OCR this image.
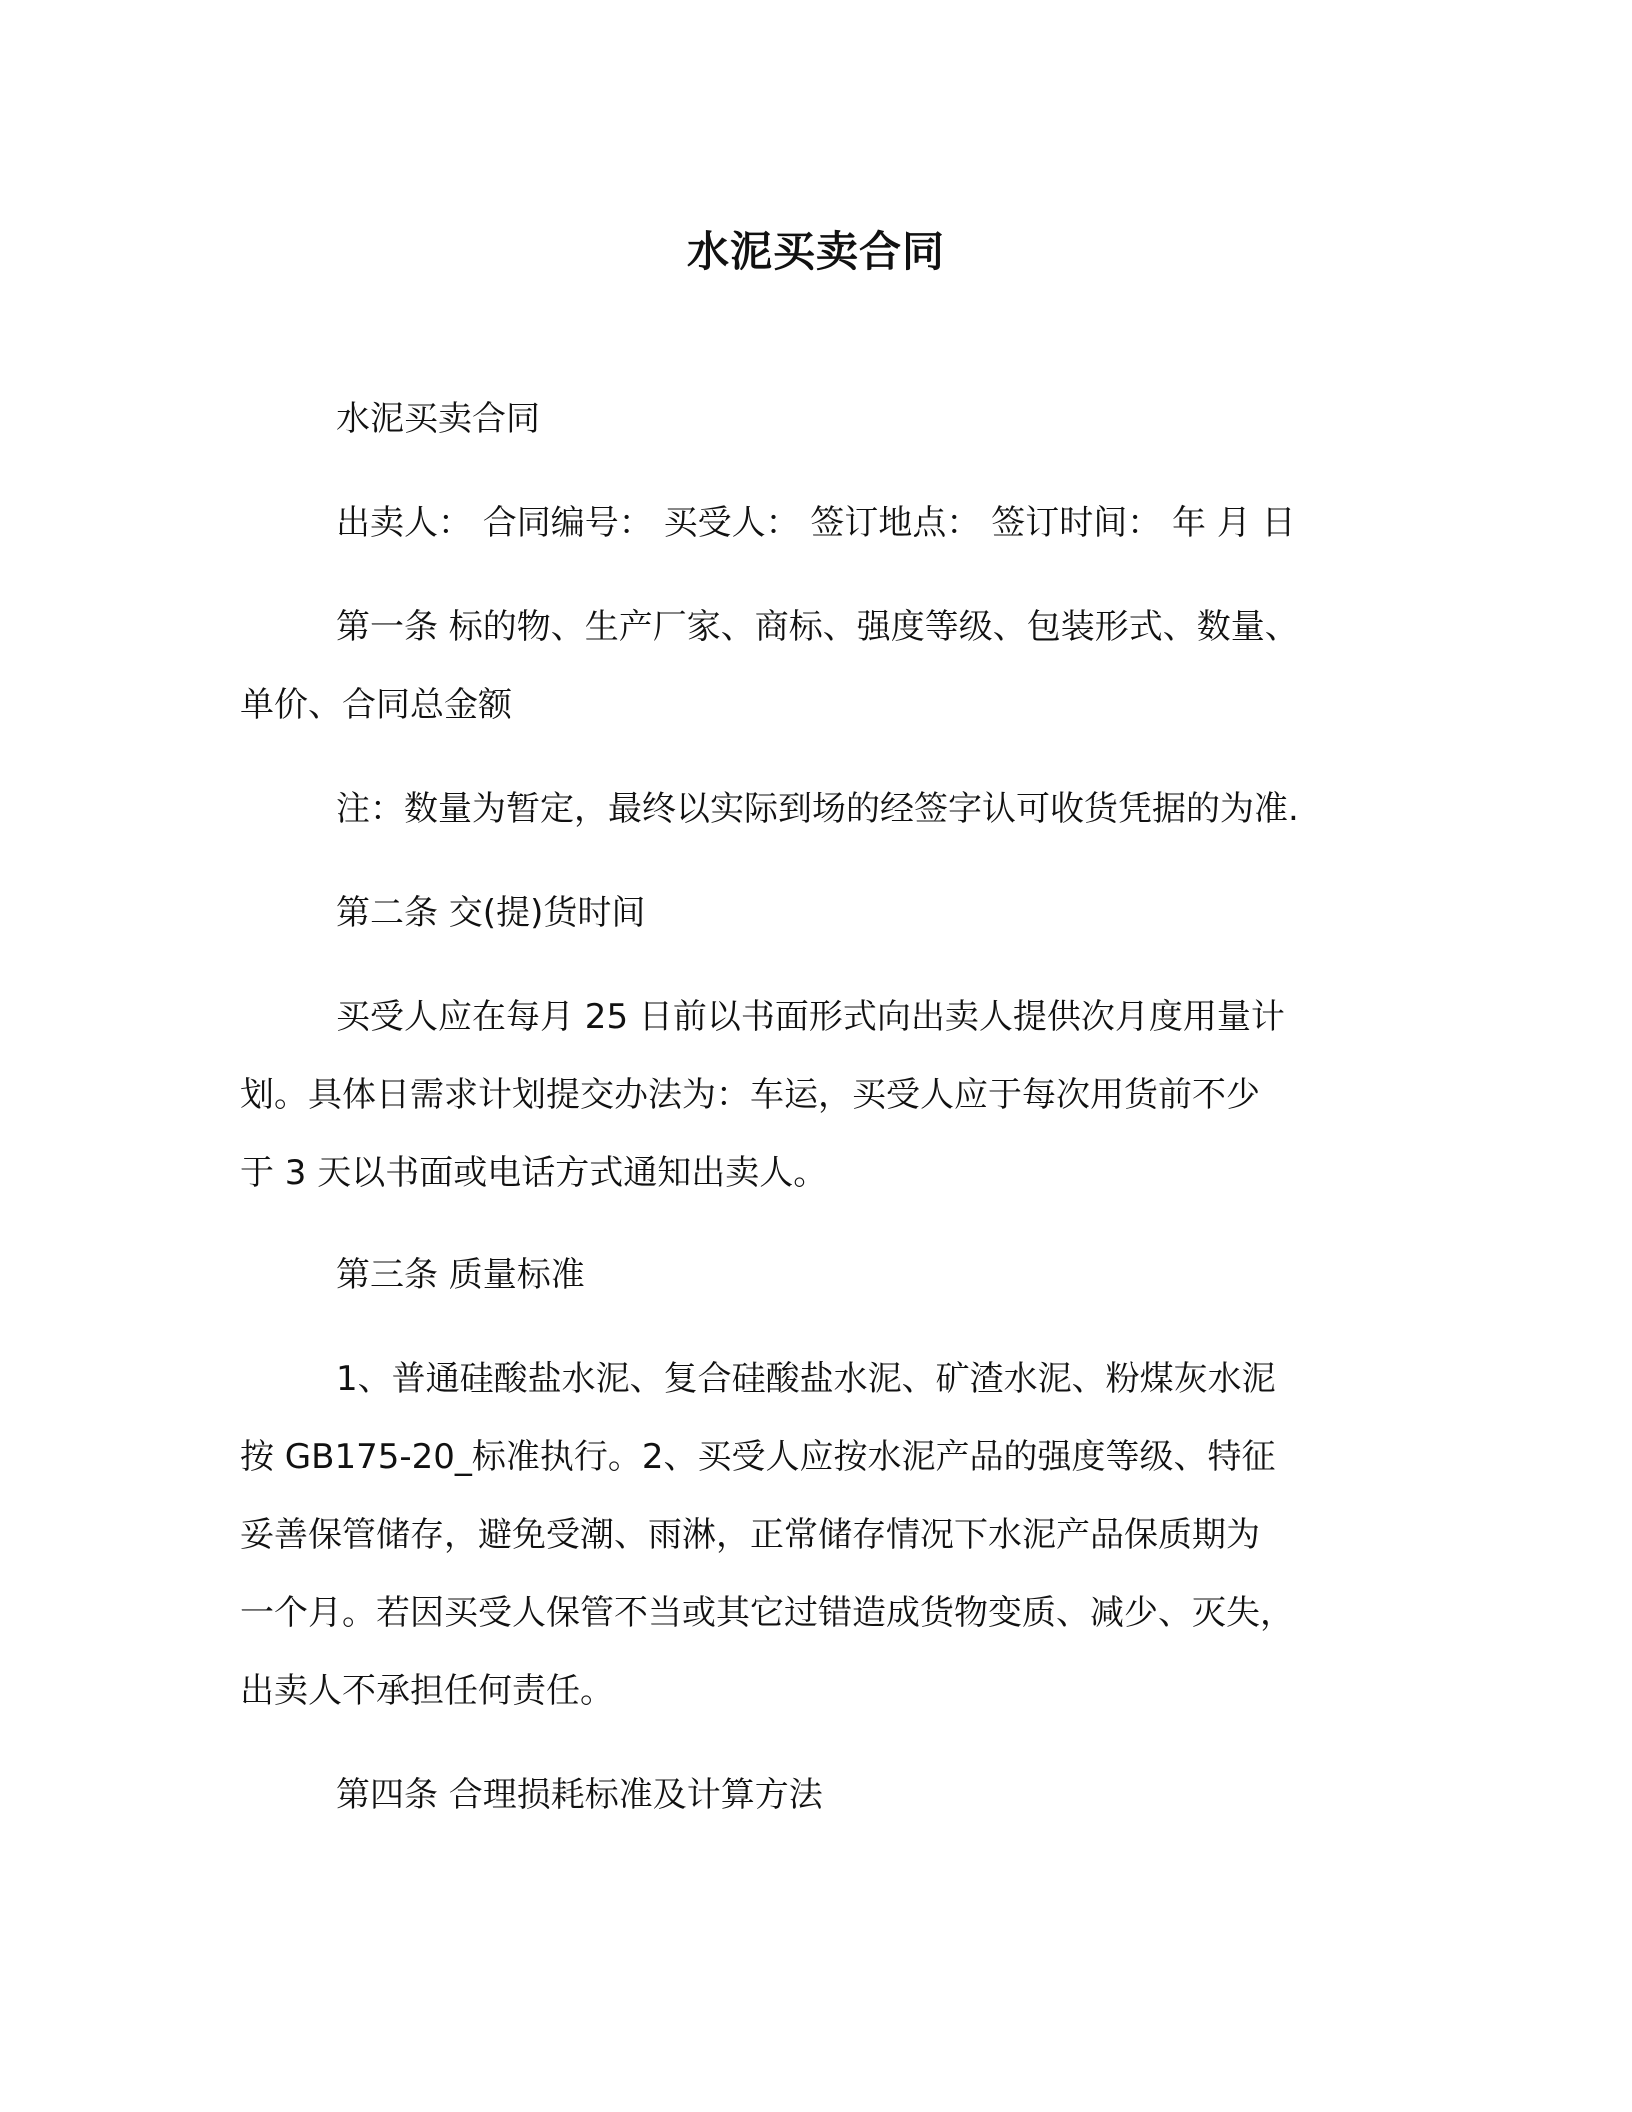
水泥买卖合同
水泥买卖合同
出卖人： 合同编号： 买受人： 签订地点： 签订时间： 年 月 日
第一条 标的物、生产厂家、商标、强度等级、包装形式、数量、
单价、合同总金额
注：数量为暂定，最终以实际到场的经签字认可收货凭据的为准.
第二条 交(提)货时间
买受人应在每月 25 日前以书面形式向出卖人提供次月度用量计
划。具体日需求计划提交办法为：车运，买受人应于每次用货前不少
于 3 天以书面或电话方式通知出卖人。
第三条 质量标准
1、普通硅酸盐水泥、复合硅酸盐水泥、矿渣水泥、粉煤灰水泥
按 GB175-20_标准执行。2、买受人应按水泥产品的强度等级、特征
妥善保管储存，避免受潮、雨淋，正常储存情况下水泥产品保质期为
一个月。若因买受人保管不当或其它过错造成货物变质、减少、灭失，
出卖人不承担任何责任。
第四条 合理损耗标准及计算方法
